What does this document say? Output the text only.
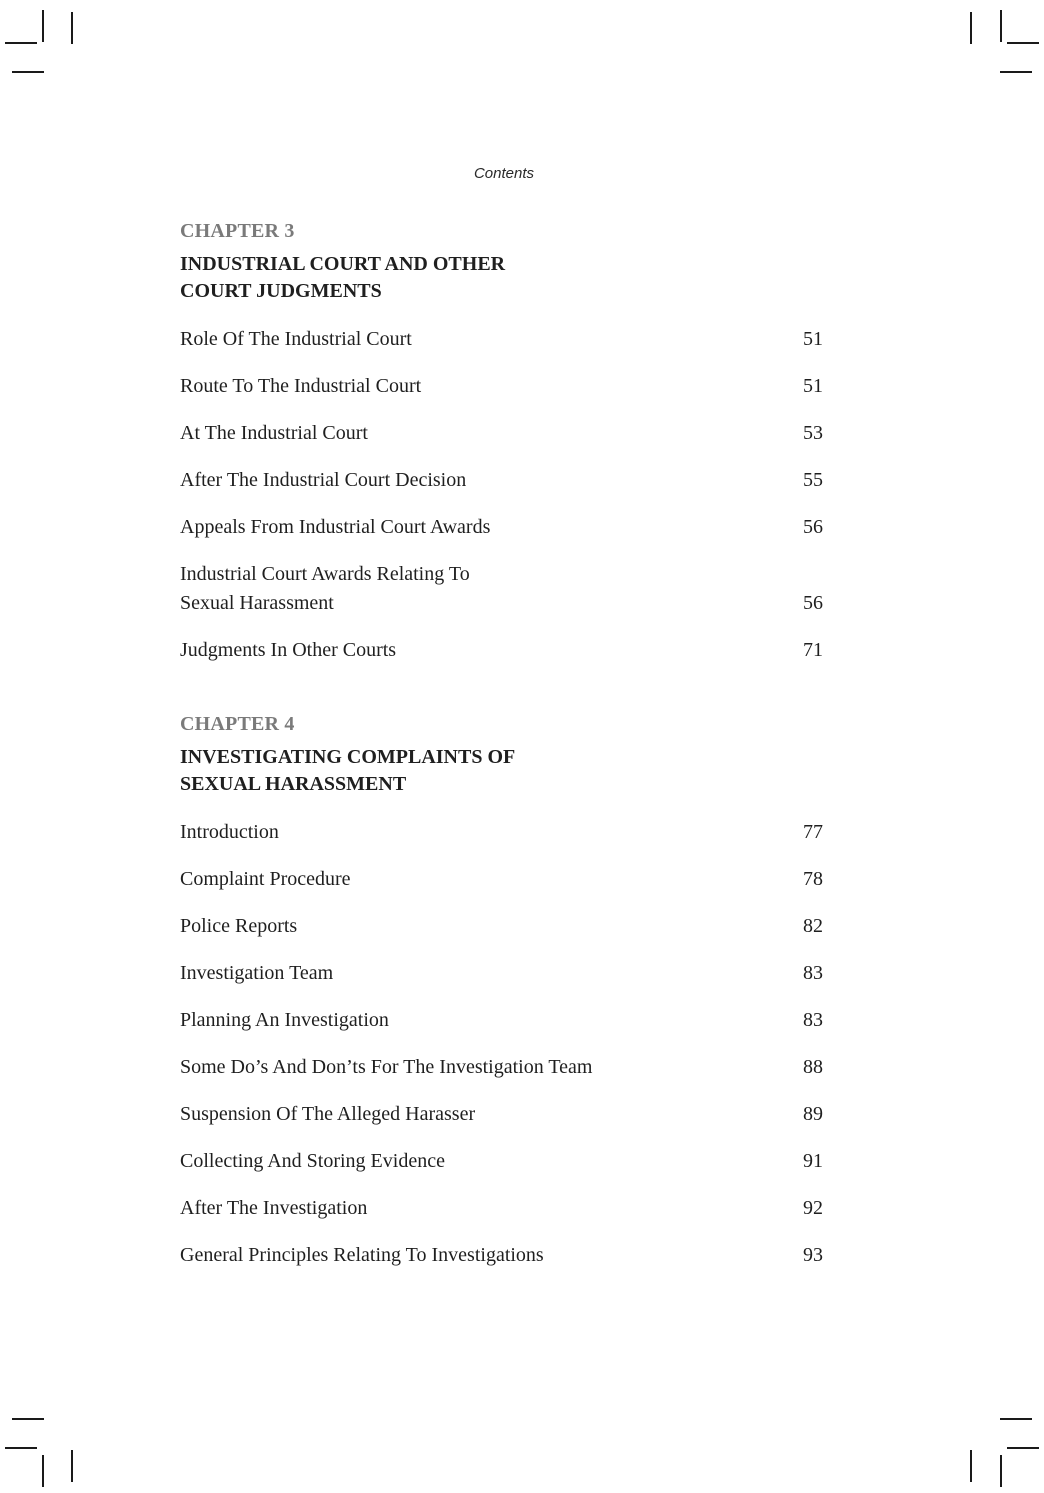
Contents
CHAPTER 3
INDUSTRIAL COURT AND OTHER
COURT JUDGMENTS
Role Of The Industrial Court	51
Route To The Industrial Court	51
At The Industrial Court	53
After The Industrial Court Decision	55
Appeals From Industrial Court Awards	56
Industrial Court Awards Relating To
Sexual Harassment	56
Judgments In Other Courts	71
CHAPTER 4
INVESTIGATING COMPLAINTS OF
SEXUAL HARASSMENT
Introduction	77
Complaint Procedure	78
Police Reports	82
Investigation Team	83
Planning An Investigation	83
Some Do’s And Don’ts For The Investigation Team	88
Suspension Of The Alleged Harasser	89
Collecting And Storing Evidence	91
After The Investigation	92
General Principles Relating To Investigations	93
